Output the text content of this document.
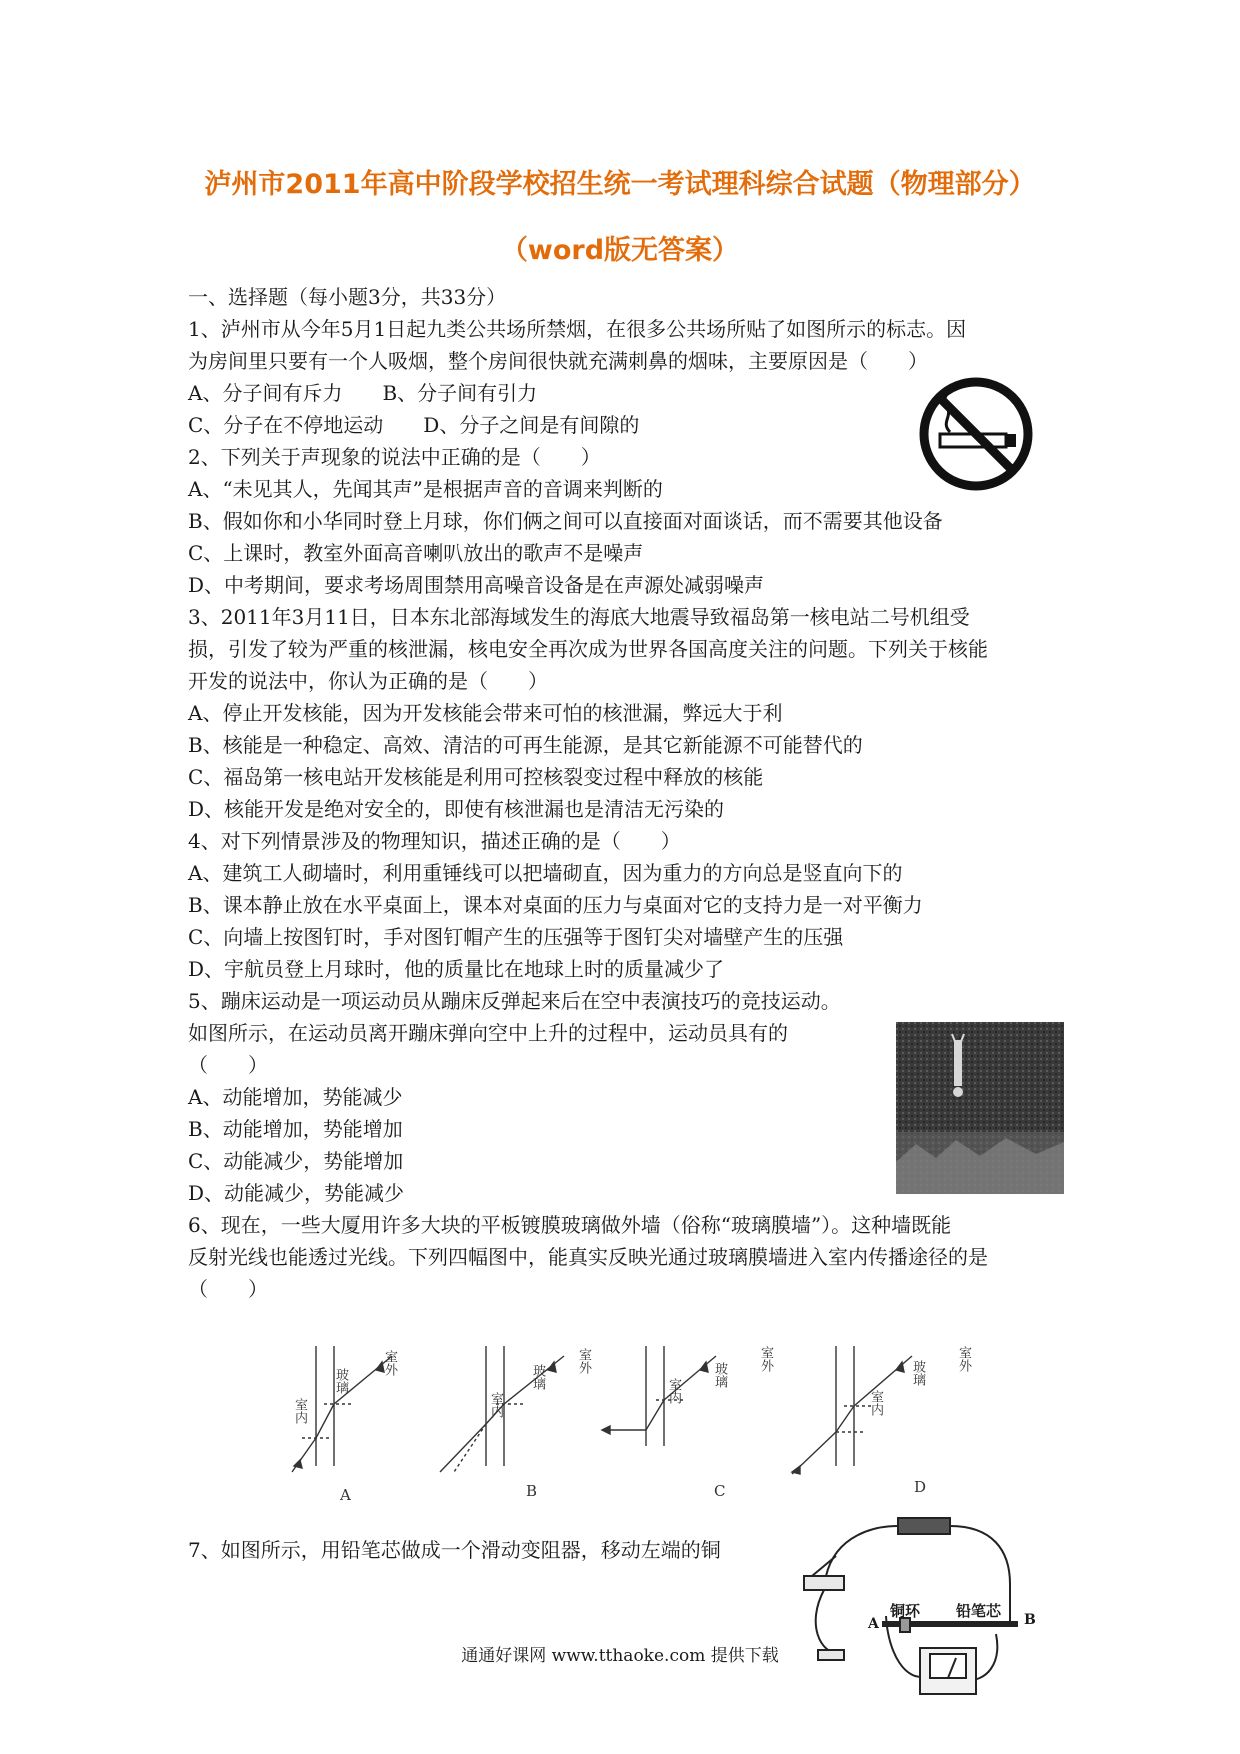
泸州市2011年高中阶段学校招生统一考试理科综合试题（物理部分）
（word版无答案）
一、选择题（每小题3分，共33分）
1、泸州市从今年5月1日起九类公共场所禁烟，在很多公共场所贴了如图所示的标志。因
为房间里只要有一个人吸烟，整个房间很快就充满刺鼻的烟味，主要原因是（　　）
A、分子间有斥力　　B、分子间有引力
C、分子在不停地运动　　D、分子之间是有间隙的
2、下列关于声现象的说法中正确的是（　　）
A、“未见其人，先闻其声”是根据声音的音调来判断的
B、假如你和小华同时登上月球，你们俩之间可以直接面对面谈话，而不需要其他设备
C、上课时，教室外面高音喇叭放出的歌声不是噪声
D、中考期间，要求考场周围禁用高噪音设备是在声源处减弱噪声
3、2011年3月11日，日本东北部海域发生的海底大地震导致福岛第一核电站二号机组受
损，引发了较为严重的核泄漏，核电安全再次成为世界各国高度关注的问题。下列关于核能
开发的说法中，你认为正确的是（　　）
A、停止开发核能，因为开发核能会带来可怕的核泄漏，弊远大于利
B、核能是一种稳定、高效、清洁的可再生能源，是其它新能源不可能替代的
C、福岛第一核电站开发核能是利用可控核裂变过程中释放的核能
D、核能开发是绝对安全的，即使有核泄漏也是清洁无污染的
4、对下列情景涉及的物理知识，描述正确的是（　　）
A、建筑工人砌墙时，利用重锤线可以把墙砌直，因为重力的方向总是竖直向下的
B、课本静止放在水平桌面上，课本对桌面的压力与桌面对它的支持力是一对平衡力
C、向墙上按图钉时，手对图钉帽产生的压强等于图钉尖对墙壁产生的压强
D、宇航员登上月球时，他的质量比在地球上时的质量减少了
5、蹦床运动是一项运动员从蹦床反弹起来后在空中表演技巧的竞技运动。
如图所示，在运动员离开蹦床弹向空中上升的过程中，运动员具有的
（　　）
A、动能增加，势能减少
B、动能增加，势能增加
C、动能减少，势能增加
D、动能减少，势能减少
6、现在，一些大厦用许多大块的平板镀膜玻璃做外墙（俗称“玻璃膜墙”）。这种墙既能
反射光线也能透过光线。下列四幅图中，能真实反映光通过玻璃膜墙进入室内传播途径的是
（　　）
7、如图所示，用铅笔芯做成一个滑动变阻器，移动左端的铜
室内
玻璃
室外
室内
玻璃
室外
室内
玻璃
室外
室内
玻璃
室外
A	B	C	D
铜环 铅笔芯
A	B
通通好课网 www.tthaoke.com 提供下载
